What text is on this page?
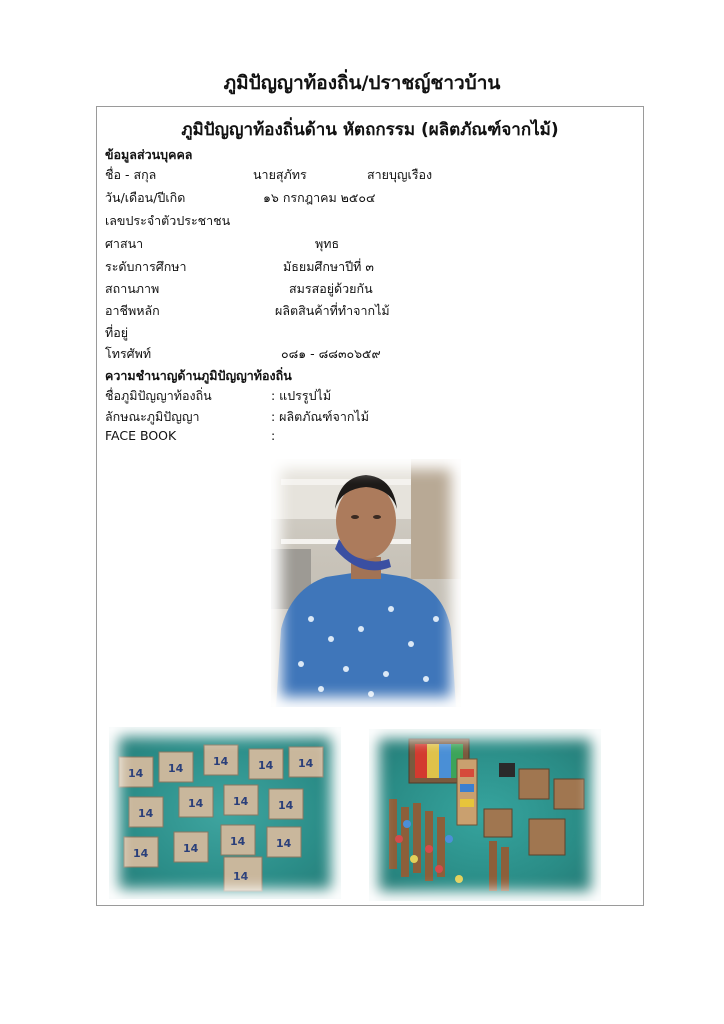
ภูมิปัญญาท้องถิ่น/ปราชญ์ชาวบ้าน
ภูมิปัญญาท้องถิ่นด้าน หัตถกรรม (ผลิตภัณฑ์จากไม้)
ข้อมูลส่วนบุคคล
ชื่อ - สกุล	นายสุภัทร	สายบุญเรือง
วัน/เดือน/ปีเกิด	๑๖ กรกฎาคม ๒๕๐๔
เลขประจำตัวประชาชน
ศาสนา	พุทธ
ระดับการศึกษา	มัธยมศึกษาปีที่ ๓
สถานภาพ	สมรสอยู่ด้วยกัน
อาชีพหลัก	ผลิตสินค้าที่ทำจากไม้
ที่อยู่
โทรศัพท์	๐๘๑ - ๘๘๓๐๖๕๙
ความชำนาญด้านภูมิปัญญาท้องถิ่น
ชื่อภูมิปัญญาท้องถิ่น	: แปรรูปไม้
ลักษณะภูมิปัญญา	: ผลิตภัณฑ์จากไม้
FACE BOOK	:
14 14
14	14 14
14
14	14	14
14	14
14	14
14
